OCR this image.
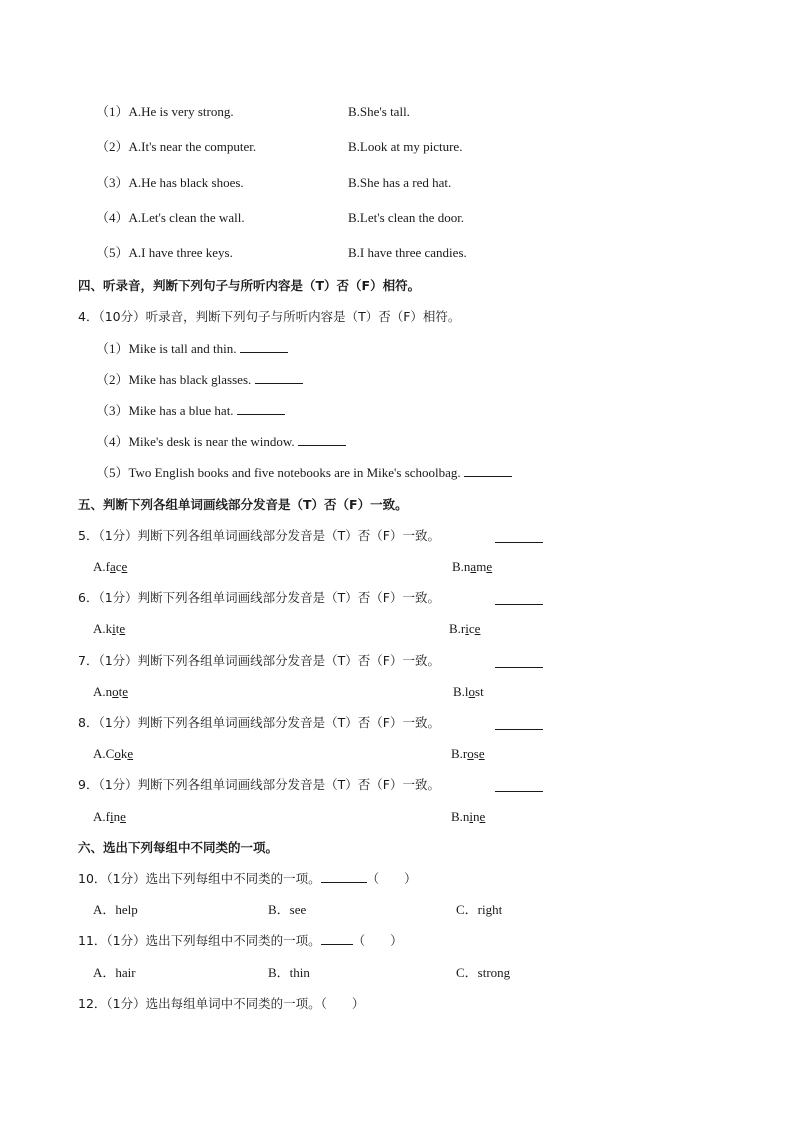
（1）A.He is very strong.	B.She's tall.
（2）A.It's near the computer.	B.Look at my picture.
（3）A.He has black shoes.	B.She has a red hat.
（4）A.Let's clean the wall.	B.Let's clean the door.
（5）A.I have three keys.	B.I have three candies.
四、听录音，判断下列句子与所听内容是（T）否（F）相符。
4．（10分）听录音，判断下列句子与所听内容是（T）否（F）相符。
（1）Mike is tall and thin.
（2）Mike has black glasses.
（3）Mike has a blue hat.
（4）Mike's desk is near the window.
（5）Two English books and five notebooks are in Mike's schoolbag.
五、判断下列各组单词画线部分发音是（T）否（F）一致。
5．（1分）判断下列各组单词画线部分发音是（T）否（F）一致。
A.face	B.name
6．（1分）判断下列各组单词画线部分发音是（T）否（F）一致。
A.kite	B.rice
7．（1分）判断下列各组单词画线部分发音是（T）否（F）一致。
A.note	B.lost
8．（1分）判断下列各组单词画线部分发音是（T）否（F）一致。
A.Coke	B.rose
9．（1分）判断下列各组单词画线部分发音是（T）否（F）一致。
A.fine	B.nine
六、选出下列每组中不同类的一项。
10．（1分）选出下列每组中不同类的一项。	（　　）
A．help	B．see	C．right
11．（1分）选出下列每组中不同类的一项。	（　　）
A．hair	B．thin	C．strong
12．（1分）选出每组单词中不同类的一项。（　　）
